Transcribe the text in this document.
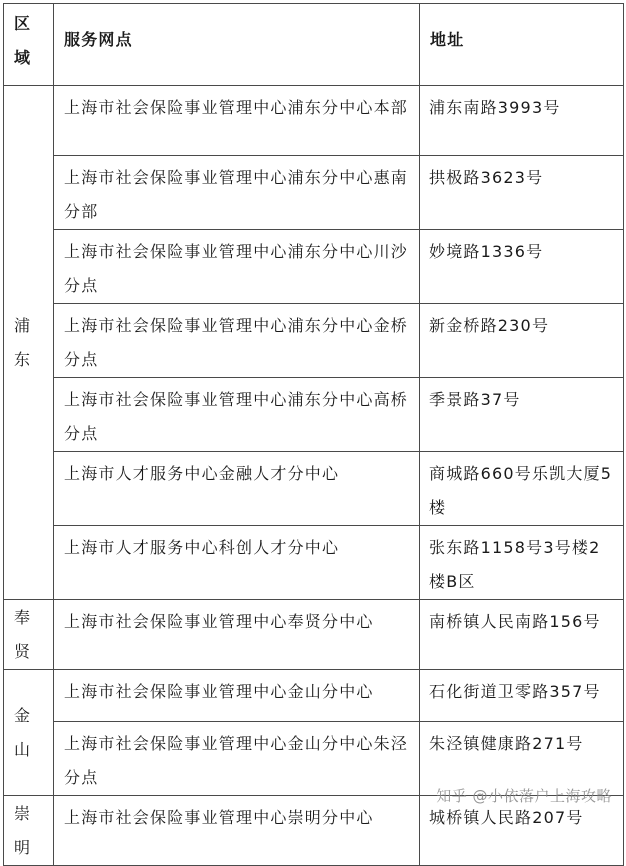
区域	服务网点	地址

浦东	上海市社会保险事业管理中心浦东分中心本部	浦东南路3993号
	上海市社会保险事业管理中心浦东分中心惠南分部	拱极路3623号
	上海市社会保险事业管理中心浦东分中心川沙分点	妙境路1336号
	上海市社会保险事业管理中心浦东分中心金桥分点	新金桥路230号
	上海市社会保险事业管理中心浦东分中心高桥分点	季景路37号
	上海市人才服务中心金融人才分中心	商城路660号乐凯大厦5楼
	上海市人才服务中心科创人才分中心	张东路1158号3号楼2楼B区

奉贤	上海市社会保险事业管理中心奉贤分中心	南桥镇人民南路156号

金山	上海市社会保险事业管理中心金山分中心	石化街道卫零路357号
	上海市社会保险事业管理中心金山分中心朱泾分点	朱泾镇健康路271号

崇明	上海市社会保险事业管理中心崇明分中心	城桥镇人民路207号
知乎 @小依落户上海攻略
